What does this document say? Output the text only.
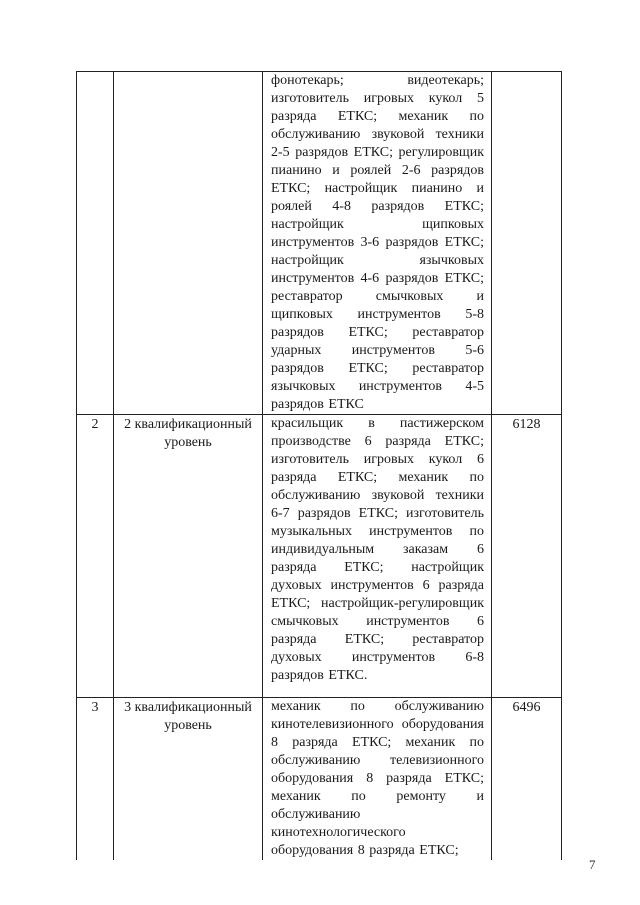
		фонотекарь; видеотекарь; изготовитель игровых кукол 5 разряда ЕТКС; механик по обслуживанию звуковой техники 2-5 разрядов ЕТКС; регулировщик пианино и роялей 2-6 разрядов ЕТКС; настройщик пианино и роялей 4-8 разрядов ЕТКС; настройщик щипковых инструментов 3-6 разрядов ЕТКС; настройщик язычковых инструментов 4-6 разрядов ЕТКС; реставратор смычковых и щипковых инструментов 5-8 разрядов ЕТКС; реставратор ударных инструментов 5-6 разрядов ЕТКС; реставратор язычковых инструментов 4-5 разрядов ЕТКС	

2	2 квалификационный уровень	красильщик в пастижерском производстве 6 разряда ЕТКС; изготовитель игровых кукол 6 разряда ЕТКС; механик по обслуживанию звуковой техники 6-7 разрядов ЕТКС; изготовитель музыкальных инструментов по индивидуальным заказам 6 разряда ЕТКС; настройщик духовых инструментов 6 разряда ЕТКС; настройщик-регулировщик смычковых инструментов 6 разряда ЕТКС; реставратор духовых инструментов 6-8 разрядов ЕТКС.	6128

3	3 квалификационный уровень	механик по обслуживанию кинотелевизионного оборудования 8 разряда ЕТКС; механик по обслуживанию телевизионного оборудования 8 разряда ЕТКС; механик по ремонту и обслуживанию кинотехнологического оборудования 8 разряда ЕТКС;	6496
7
